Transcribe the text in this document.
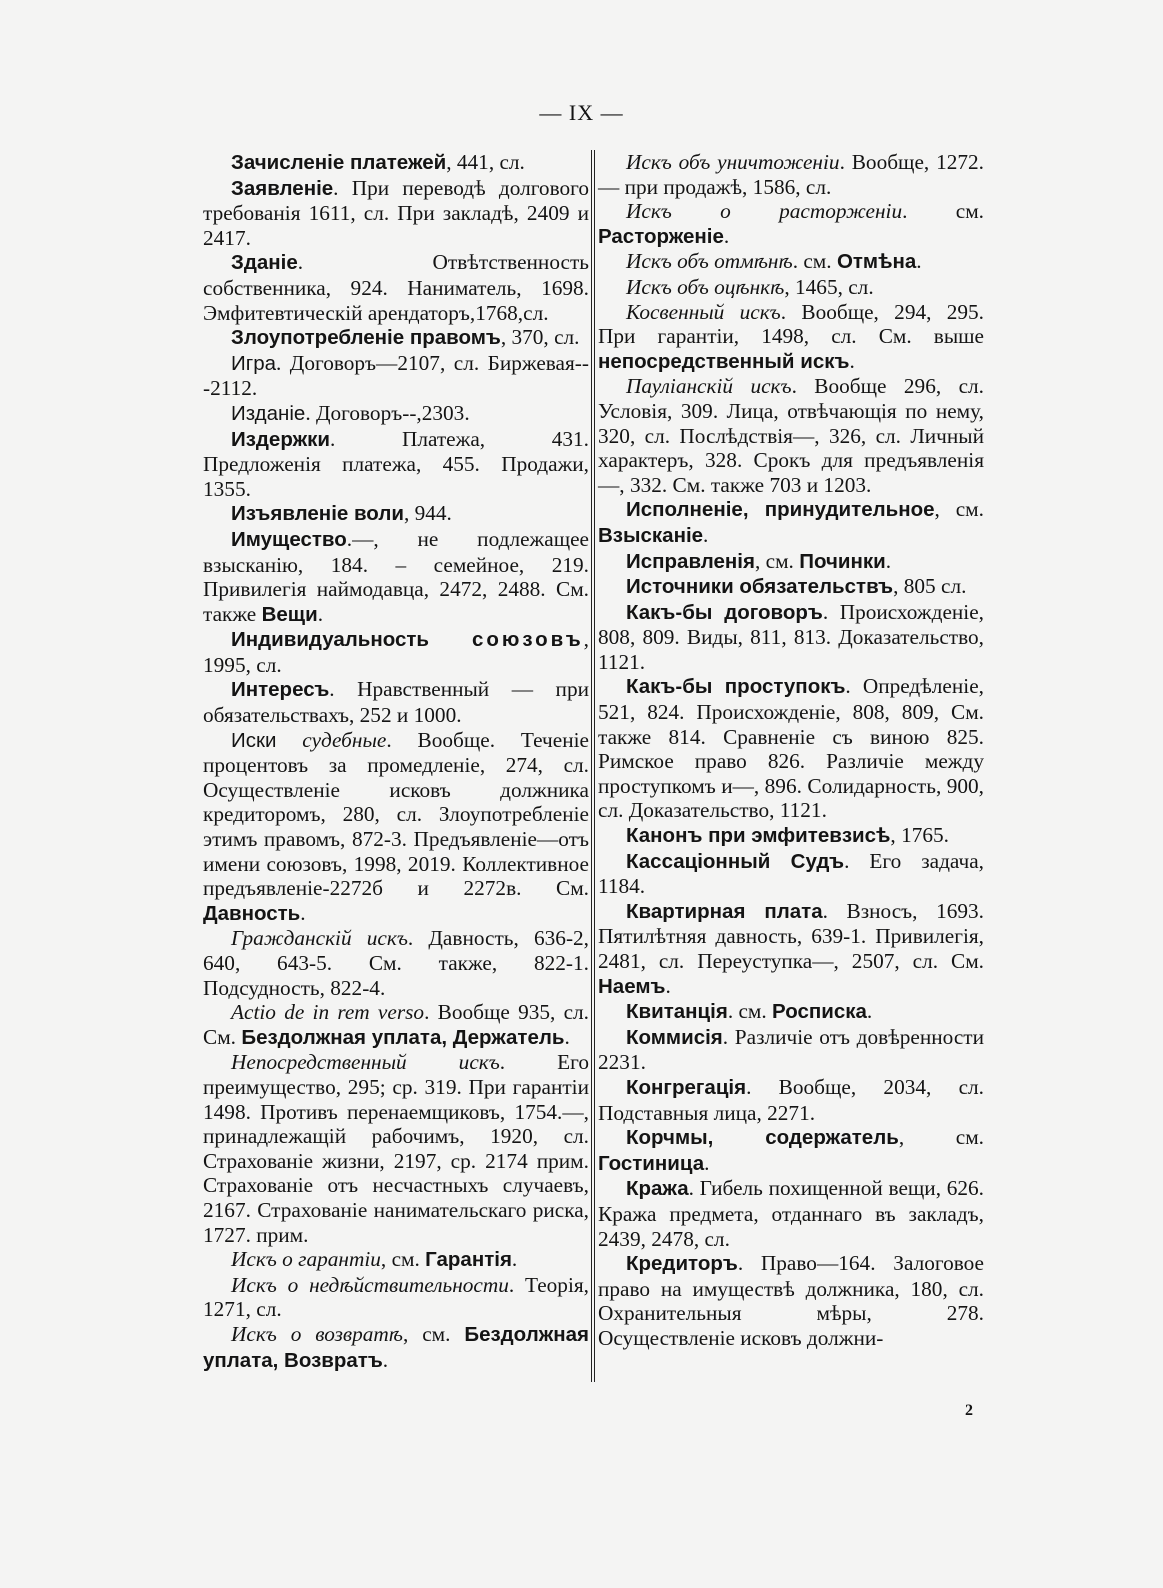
— IX —

Зачисленіе платежей, 441, сл.

Заявленіе. При переводѣ долгового требованія 1611, сл. При закладѣ, 2409 и 2417.

Зданіе. Отвѣтственность собственника, 924. Наниматель, 1698. Эмфитевтическій арендаторъ,1768,сл.

Злоупотребленіе правомъ, 370, сл.

Игра. Договоръ—2107, сл. Биржевая---2112.

Изданіе. Договоръ--,2303.

Издержки. Платежа, 431. Предложенія платежа, 455. Продажи, 1355.

Изъявленіе воли, 944.

Имущество.—, не подлежащее взысканію, 184. – семейное, 219. Привилегія наймодавца, 2472, 2488. См. также Вещи.

Индивидуальность союзовъ, 1995, сл.

Интересъ. Нравственный — при обязательствахъ, 252 и 1000.

Иски судебные. Вообще. Теченіе процентовъ за промедленіе, 274, сл. Осуществленіе исковъ должника кредиторомъ, 280, сл. Злоупотребленіе этимъ правомъ, 872-3. Предъявленіе—отъ имени союзовъ, 1998, 2019. Коллективное предъявленіе-2272б и 2272в. См. Давность.

Гражданскій искъ. Давность, 636-2, 640, 643-5. См. также, 822-1. Подсудность, 822-4.

Actio de in rem verso. Вообще 935, сл. См. Бездолжная уплата, Держатель.

Непосредственный искъ. Его преимущество, 295; ср. 319. При гарантіи 1498. Противъ перенаемщиковъ, 1754.—, принадлежащій рабочимъ, 1920, сл. Страхованіе жизни, 2197, ср. 2174 прим. Страхованіе отъ несчастныхъ случаевъ, 2167. Страхованіе нанимательскаго риска, 1727. прим.

Искъ о гарантіи, см. Гарантія.

Искъ о недѣйствительности. Теорія, 1271, сл.

Искъ о возвратѣ, см. Бездолжная уплата, Возвратъ.

Искъ объ уничтоженіи. Вообще, 1272.— при продажѣ, 1586, сл.

Искъ о расторженіи. см. Расторженіе.

Искъ объ отмѣнѣ. см. Отмѣна.

Искъ объ оцѣнкѣ, 1465, сл.

Косвенный искъ. Вообще, 294, 295. При гарантіи, 1498, сл. См. выше непосредственный искъ.

Пауліанскій искъ. Вообще 296, сл. Условія, 309. Лица, отвѣчающія по нему, 320, сл. Послѣдствія—, 326, сл. Личный характеръ, 328. Срокъ для предъявленія—, 332. См. также 703 и 1203.

Исполненіе, принудительное, см. Взысканіе.

Исправленія, см. Починки.

Источники обязательствъ, 805 сл.

Какъ-бы договоръ. Происхожденіе, 808, 809. Виды, 811, 813. Доказательство, 1121.

Какъ-бы проступокъ. Опредѣленіе, 521, 824. Происхожденіе, 808, 809, См. также 814. Сравненіе съ виною 825. Римское право 826. Различіе между проступкомъ и—, 896. Солидарность, 900, сл. Доказательство, 1121.

Канонъ при эмфитевзисѣ, 1765.

Кассаціонный Судъ. Его задача, 1184.

Квартирная плата. Взносъ, 1693. Пятилѣтняя давность, 639-1. Привилегія, 2481, сл. Переуступка—, 2507, сл. См. Наемъ.

Квитанція. см. Росписка.

Коммисія. Различіе отъ довѣренности 2231.

Конгрегація. Вообще, 2034, сл. Подставныя лица, 2271.

Корчмы, содержатель, см. Гостиница.

Кража. Гибель похищенной вещи, 626. Кража предмета, отданнаго въ закладъ, 2439, 2478, сл.

Кредиторъ. Право—164. Залоговое право на имуществѣ должника, 180, сл. Охранительныя мѣры, 278. Осуществленіе исковъ должни-

2
